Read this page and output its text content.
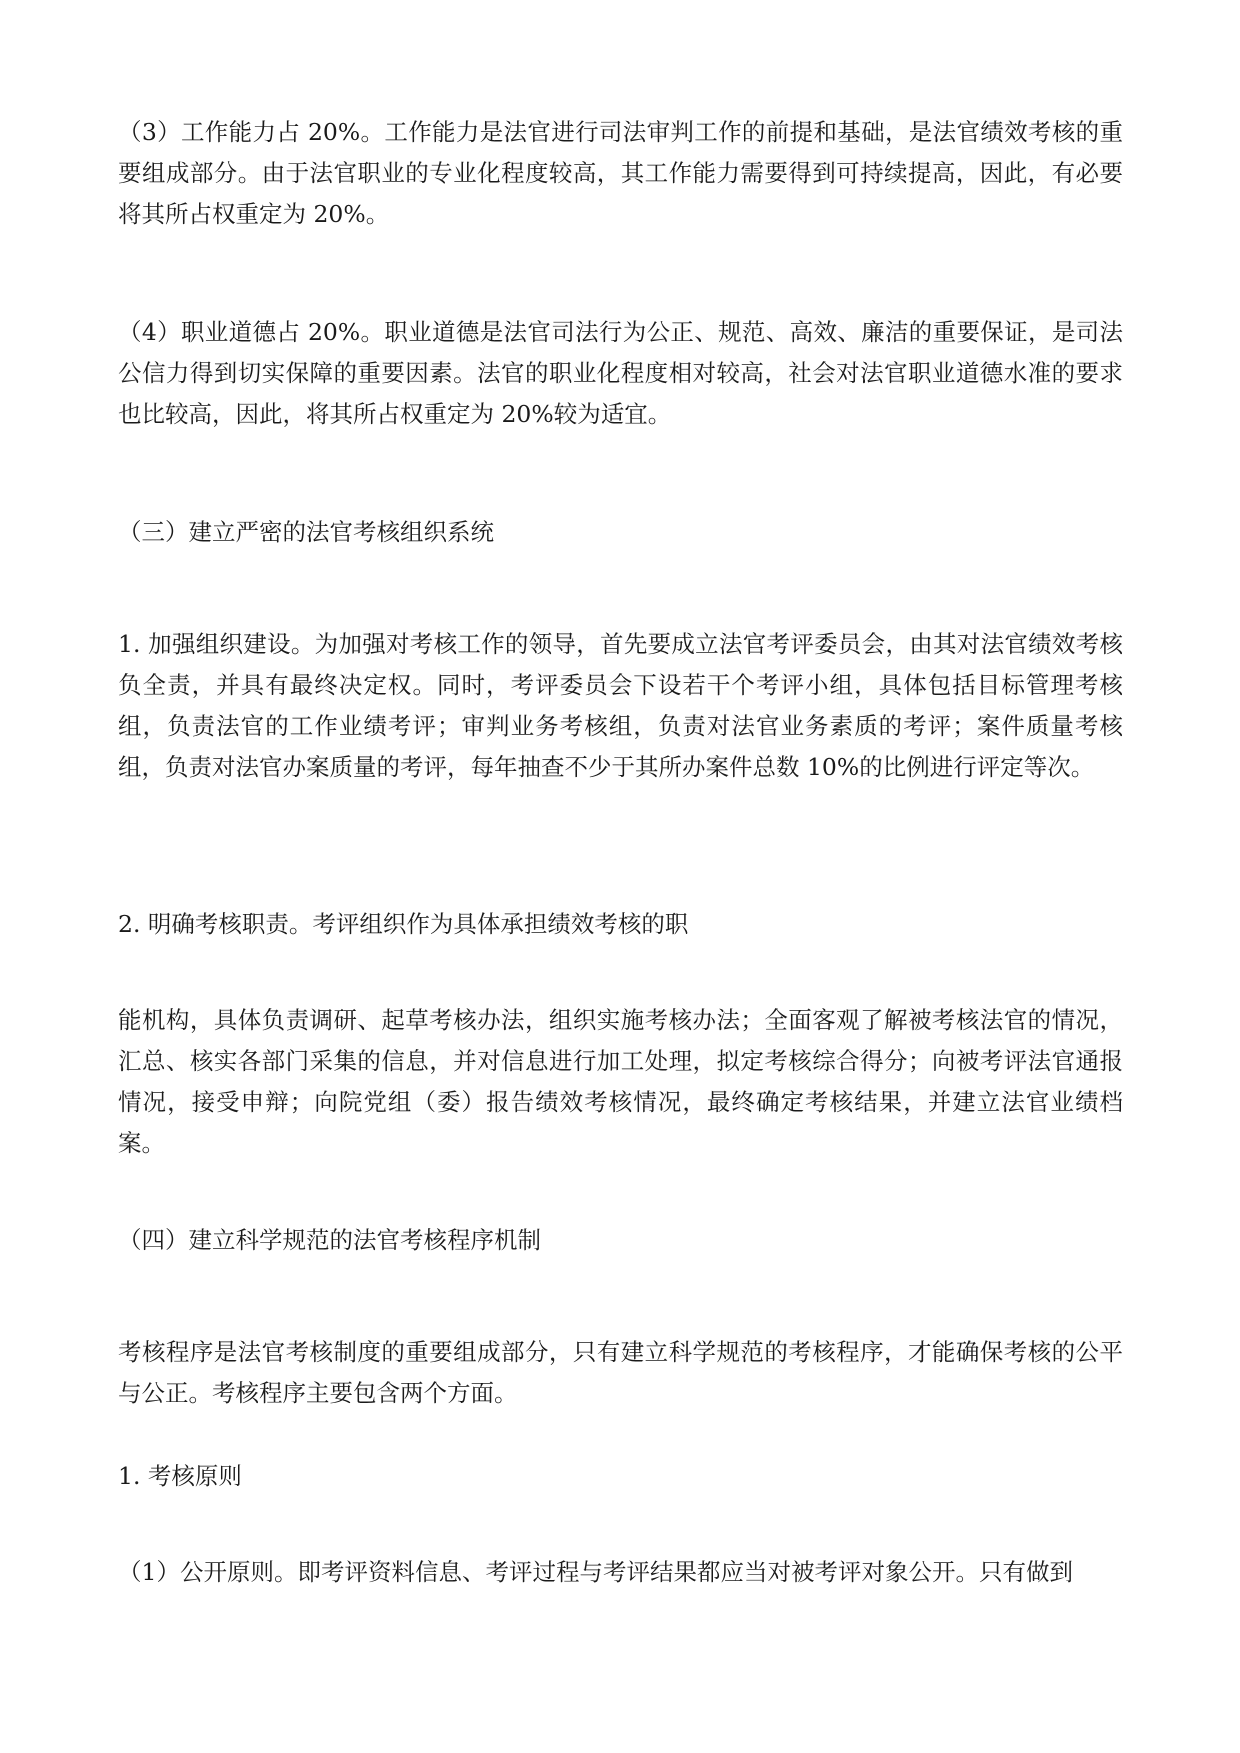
（3）工作能力占 20%。工作能力是法官进行司法审判工作的前提和基础，是法官绩效考核的重要组成部分。由于法官职业的专业化程度较高，其工作能力需要得到可持续提高，因此，有必要将其所占权重定为 20%。

（4）职业道德占 20%。职业道德是法官司法行为公正、规范、高效、廉洁的重要保证，是司法公信力得到切实保障的重要因素。法官的职业化程度相对较高，社会对法官职业道德水准的要求也比较高，因此，将其所占权重定为 20%较为适宜。

（三）建立严密的法官考核组织系统

1. 加强组织建设。为加强对考核工作的领导，首先要成立法官考评委员会，由其对法官绩效考核负全责，并具有最终决定权。同时，考评委员会下设若干个考评小组，具体包括目标管理考核组，负责法官的工作业绩考评；审判业务考核组，负责对法官业务素质的考评；案件质量考核组，负责对法官办案质量的考评，每年抽查不少于其所办案件总数 10%的比例进行评定等次。

2. 明确考核职责。考评组织作为具体承担绩效考核的职

能机构，具体负责调研、起草考核办法，组织实施考核办法；全面客观了解被考核法官的情况，汇总、核实各部门采集的信息，并对信息进行加工处理，拟定考核综合得分；向被考评法官通报情况，接受申辩；向院党组（委）报告绩效考核情况，最终确定考核结果，并建立法官业绩档案。

（四）建立科学规范的法官考核程序机制

考核程序是法官考核制度的重要组成部分，只有建立科学规范的考核程序，才能确保考核的公平与公正。考核程序主要包含两个方面。

1. 考核原则

（1）公开原则。即考评资料信息、考评过程与考评结果都应当对被考评对象公开。只有做到
